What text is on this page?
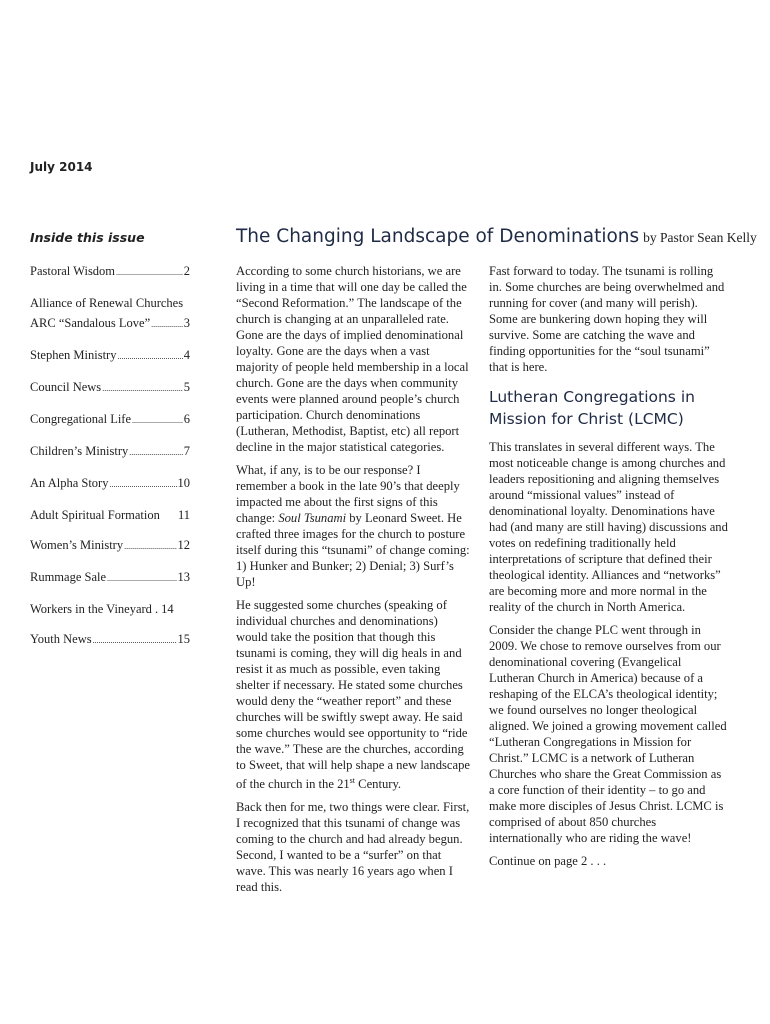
July 2014
Inside this issue
Pastoral Wisdom .....	2
Alliance of Renewal Churches
ARC “Sandalous Love” .....	3
Stephen Ministry .....	4
Council News .....	5
Congregational Life .....	6
Children’s Ministry .....	7
An Alpha Story .....	10
Adult Spiritual Formation 11
Women’s Ministry .....	12
Rummage Sale .....	13
Workers in the Vineyard . 14
Youth News .....	15
The Changing Landscape of Denominations by Pastor Sean Kelly

According to some church historians, we are living in a time that will one day be called the “Second Reformation.” The landscape of the church is changing at an unparalleled rate. Gone are the days of implied denominational loyalty. Gone are the days when a vast majority of people held membership in a local church. Gone are the days when community events were planned around people’s church participation. Church denominations (Lutheran, Methodist, Baptist, etc) all report decline in the major statistical categories.

What, if any, is to be our response? I remember a book in the late 90’s that deeply impacted me about the first signs of this change: Soul Tsunami by Leonard Sweet. He crafted three images for the church to posture itself during this “tsunami” of change coming: 1) Hunker and Bunker; 2) Denial; 3) Surf’s Up!

He suggested some churches (speaking of individual churches and denominations) would take the position that though this tsunami is coming, they will dig heals in and resist it as much as possible, even taking shelter if necessary. He stated some churches would deny the “weather report” and these churches will be swiftly swept away. He said some churches would see opportunity to “ride the wave.” These are the churches, according to Sweet, that will help shape a new landscape of the church in the 21st Century.

Back then for me, two things were clear. First, I recognized that this tsunami of change was coming to the church and had already begun. Second, I wanted to be a “surfer” on that wave. This was nearly 16 years ago when I read this.

Fast forward to today. The tsunami is rolling in. Some churches are being overwhelmed and running for cover (and many will perish). Some are bunkering down hoping they will survive. Some are catching the wave and finding opportunities for the “soul tsunami” that is here.

Lutheran Congregations in Mission for Christ (LCMC)

This translates in several different ways. The most noticeable change is among churches and leaders repositioning and aligning themselves around “missional values” instead of denominational loyalty. Denominations have had (and many are still having) discussions and votes on redefining traditionally held interpretations of scripture that defined their theological identity. Alliances and “networks” are becoming more and more normal in the reality of the church in North America.

Consider the change PLC went through in 2009. We chose to remove ourselves from our denominational covering (Evangelical Lutheran Church in America) because of a reshaping of the ELCA’s theological identity; we found ourselves no longer theological aligned. We joined a growing movement called “Lutheran Congregations in Mission for Christ.” LCMC is a network of Lutheran Churches who share the Great Commission as a core function of their identity – to go and make more disciples of Jesus Christ. LCMC is comprised of about 850 churches internationally who are riding the wave!

Continue on page 2 . . .
